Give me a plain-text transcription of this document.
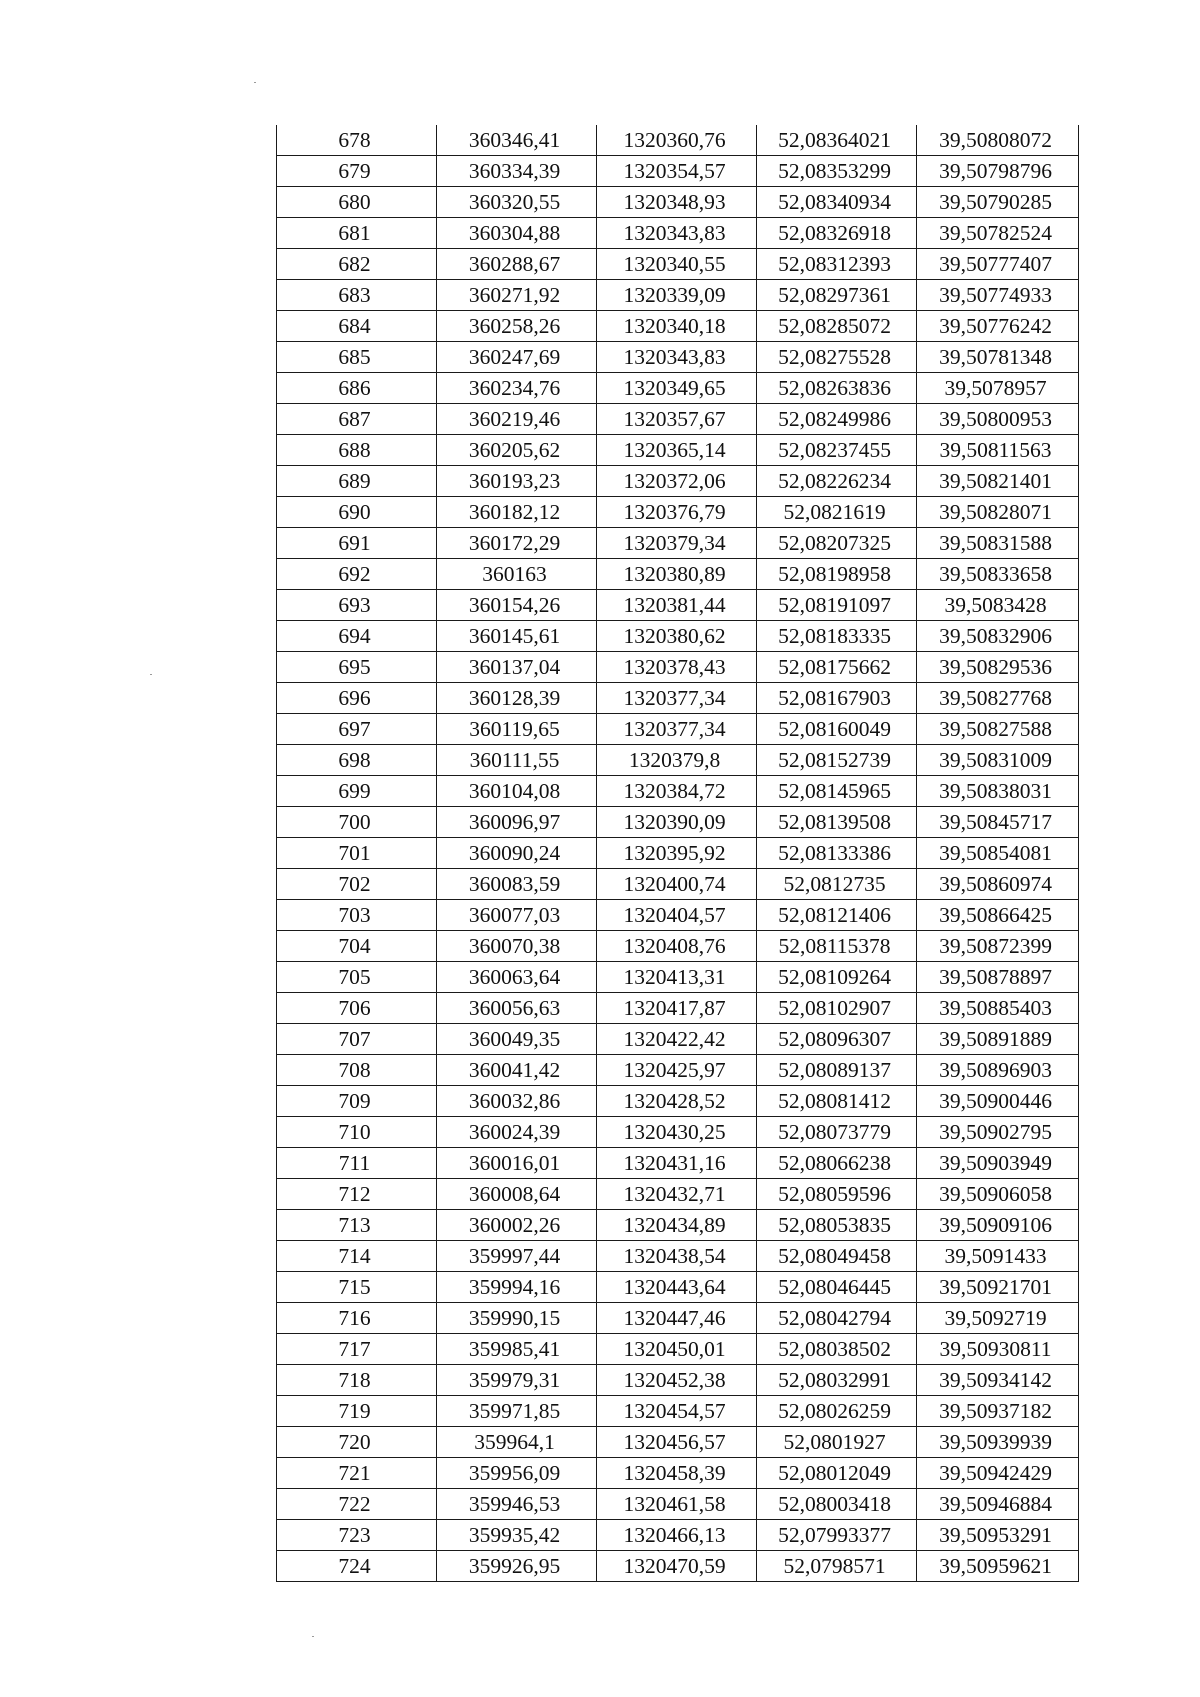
678	360346,41	1320360,76	52,08364021	39,50808072
679	360334,39	1320354,57	52,08353299	39,50798796
680	360320,55	1320348,93	52,08340934	39,50790285
681	360304,88	1320343,83	52,08326918	39,50782524
682	360288,67	1320340,55	52,08312393	39,50777407
683	360271,92	1320339,09	52,08297361	39,50774933
684	360258,26	1320340,18	52,08285072	39,50776242
685	360247,69	1320343,83	52,08275528	39,50781348
686	360234,76	1320349,65	52,08263836	39,5078957
687	360219,46	1320357,67	52,08249986	39,50800953
688	360205,62	1320365,14	52,08237455	39,50811563
689	360193,23	1320372,06	52,08226234	39,50821401
690	360182,12	1320376,79	52,0821619	39,50828071
691	360172,29	1320379,34	52,08207325	39,50831588
692	360163	1320380,89	52,08198958	39,50833658
693	360154,26	1320381,44	52,08191097	39,5083428
694	360145,61	1320380,62	52,08183335	39,50832906
695	360137,04	1320378,43	52,08175662	39,50829536
696	360128,39	1320377,34	52,08167903	39,50827768
697	360119,65	1320377,34	52,08160049	39,50827588
698	360111,55	1320379,8	52,08152739	39,50831009
699	360104,08	1320384,72	52,08145965	39,50838031
700	360096,97	1320390,09	52,08139508	39,50845717
701	360090,24	1320395,92	52,08133386	39,50854081
702	360083,59	1320400,74	52,0812735	39,50860974
703	360077,03	1320404,57	52,08121406	39,50866425
704	360070,38	1320408,76	52,08115378	39,50872399
705	360063,64	1320413,31	52,08109264	39,50878897
706	360056,63	1320417,87	52,08102907	39,50885403
707	360049,35	1320422,42	52,08096307	39,50891889
708	360041,42	1320425,97	52,08089137	39,50896903
709	360032,86	1320428,52	52,08081412	39,50900446
710	360024,39	1320430,25	52,08073779	39,50902795
711	360016,01	1320431,16	52,08066238	39,50903949
712	360008,64	1320432,71	52,08059596	39,50906058
713	360002,26	1320434,89	52,08053835	39,50909106
714	359997,44	1320438,54	52,08049458	39,5091433
715	359994,16	1320443,64	52,08046445	39,50921701
716	359990,15	1320447,46	52,08042794	39,5092719
717	359985,41	1320450,01	52,08038502	39,50930811
718	359979,31	1320452,38	52,08032991	39,50934142
719	359971,85	1320454,57	52,08026259	39,50937182
720	359964,1	1320456,57	52,0801927	39,50939939
721	359956,09	1320458,39	52,08012049	39,50942429
722	359946,53	1320461,58	52,08003418	39,50946884
723	359935,42	1320466,13	52,07993377	39,50953291
724	359926,95	1320470,59	52,0798571	39,50959621
